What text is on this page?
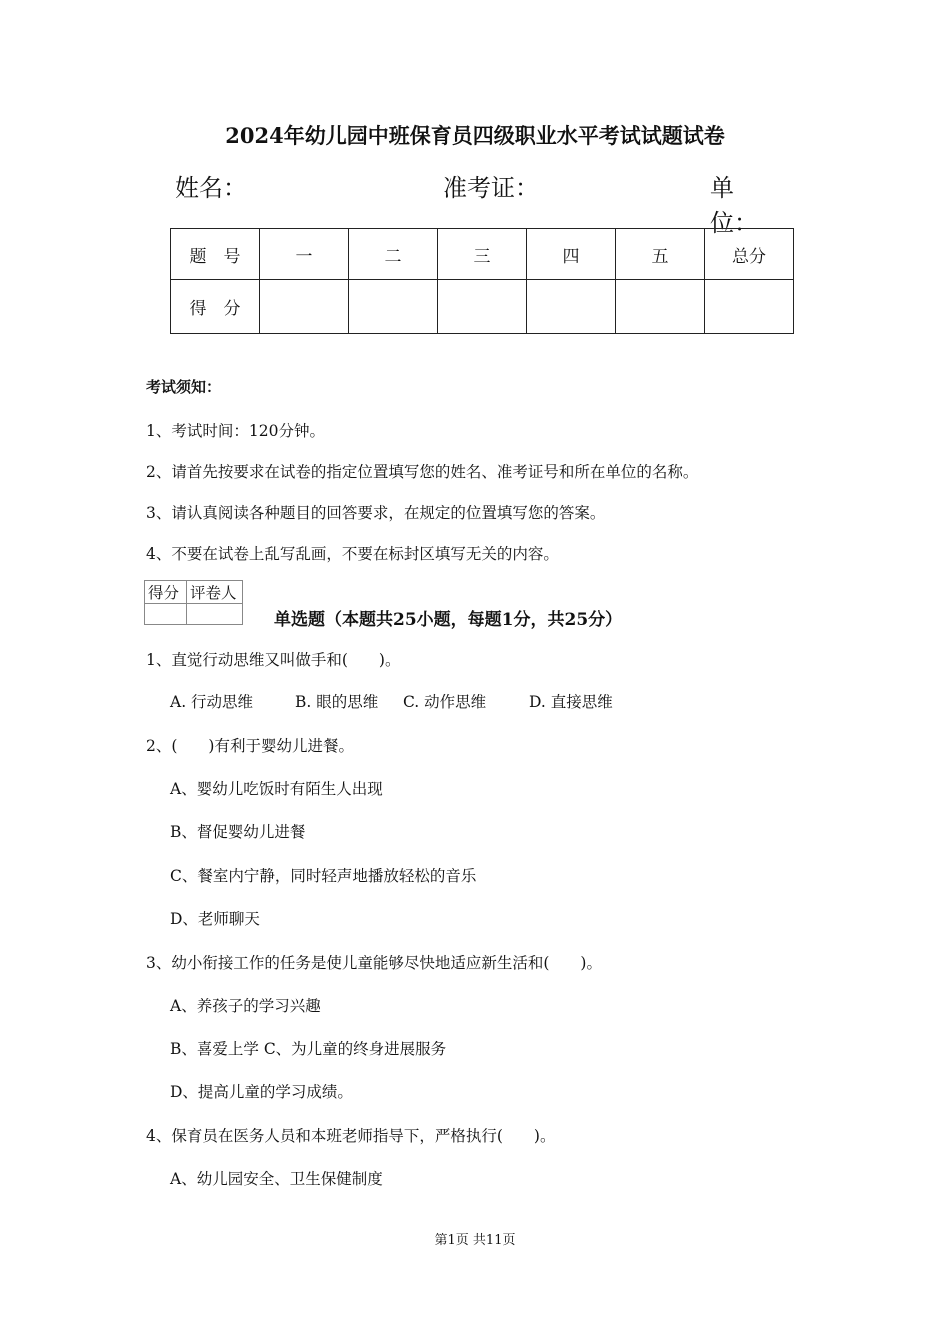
2024年幼儿园中班保育员四级职业水平考试试题试卷
姓名：	准考证：	单位：
题　号	一	二	三	四	五	总分
得　分						
考试须知：
1、考试时间：120分钟。
2、请首先按要求在试卷的指定位置填写您的姓名、准考证号和所在单位的名称。
3、请认真阅读各种题目的回答要求，在规定的位置填写您的答案。
4、不要在试卷上乱写乱画，不要在标封区填写无关的内容。
得分	评卷人

单选题（本题共25小题，每题1分，共25分）
1、直觉行动思维又叫做手和(　　)。
A. 行动思维	B. 眼的思维 C. 动作思维	D. 直接思维
2、(　　)有利于婴幼儿进餐。
A、婴幼儿吃饭时有陌生人出现
B、督促婴幼儿进餐
C、餐室内宁静，同时轻声地播放轻松的音乐
D、老师聊天
3、幼小衔接工作的任务是使儿童能够尽快地适应新生活和(　　)。
A、养孩子的学习兴趣
B、喜爱上学 C、为儿童的终身进展服务
D、提高儿童的学习成绩。
4、保育员在医务人员和本班老师指导下，严格执行(　　)。
A、幼儿园安全、卫生保健制度
第1页 共11页
